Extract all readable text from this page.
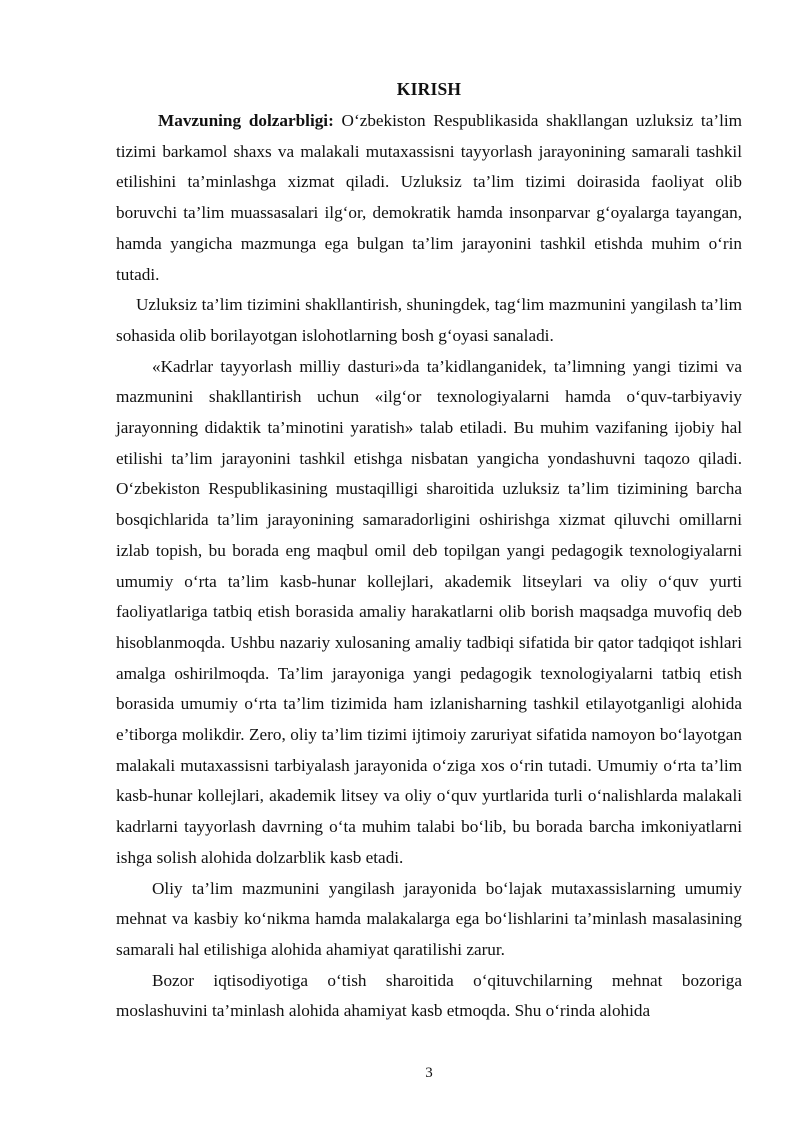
KIRISH

Mavzuning dolzarbligi: O‘zbekiston Respublikasida shakllangan uzluksiz ta’lim tizimi barkamol shaxs va malakali mutaxassisni tayyorlash jarayonining samarali tashkil etilishini ta’minlashga xizmat qiladi. Uzluksiz ta’lim tizimi doirasida faoliyat olib boruvchi ta’lim muassasalari ilg‘or, demokratik hamda insonparvar g‘oyalarga tayangan, hamda yangicha mazmunga ega bulgan ta’lim jarayonini tashkil etishda muhim o‘rin tutadi.

Uzluksiz ta’lim tizimini shakllantirish, shuningdek, tag‘lim mazmunini yangilash ta’lim sohasida olib borilayotgan islohotlarning bosh g‘oyasi sanaladi.

«Kadrlar tayyorlash milliy dasturi»da ta’kidlanganidek, ta’limning yangi tizimi va mazmunini shakllantirish uchun «ilg‘or texnologiyalarni hamda o‘quv-tarbiyaviy jarayonning didaktik ta’minotini yaratish» talab etiladi. Bu muhim vazifaning ijobiy hal etilishi ta’lim jarayonini tashkil etishga nisbatan yangicha yondashuvni taqozo qiladi. O‘zbekiston Respublikasining mustaqilligi sharoitida uzluksiz ta’lim tizimining barcha bosqichlarida ta’lim jarayonining samaradorligini oshirishga xizmat qiluvchi omillarni izlab topish, bu borada eng maqbul omil deb topilgan yangi pedagogik texnologiyalarni umumiy o‘rta ta’lim kasb-hunar kollejlari, akademik litseylari va oliy o‘quv yurti faoliyatlariga tatbiq etish borasida amaliy harakatlarni olib borish maqsadga muvofiq deb hisoblanmoqda. Ushbu nazariy xulosaning amaliy tadbiqi sifatida bir qator tadqiqot ishlari amalga oshirilmoqda. Ta’lim jarayoniga yangi pedagogik texnologiyalarni tatbiq etish borasida umumiy o‘rta ta’lim tizimida ham izlanisharning tashkil etilayotganligi alohida e’tiborga molikdir. Zero, oliy ta’lim tizimi ijtimoiy zaruriyat sifatida namoyon bo‘layotgan malakali mutaxassisni tarbiyalash jarayonida o‘ziga xos o‘rin tutadi. Umumiy o‘rta ta’lim kasb-hunar kollejlari, akademik litsey va oliy o‘quv yurtlarida turli o‘nalishlarda malakali kadrlarni tayyorlash davrning o‘ta muhim talabi bo‘lib, bu borada barcha imkoniyatlarni ishga solish alohida dolzarblik kasb etadi.

Oliy ta’lim mazmunini yangilash jarayonida bo‘lajak mutaxassislarning umumiy mehnat va kasbiy ko‘nikma hamda malakalarga ega bo‘lishlarini ta’minlash masalasining samarali hal etilishiga alohida ahamiyat qaratilishi zarur.

Bozor iqtisodiyotiga o‘tish sharoitida o‘qituvchilarning mehnat bozoriga moslashuvini ta’minlash alohida ahamiyat kasb etmoqda. Shu o‘rinda alohida

3
